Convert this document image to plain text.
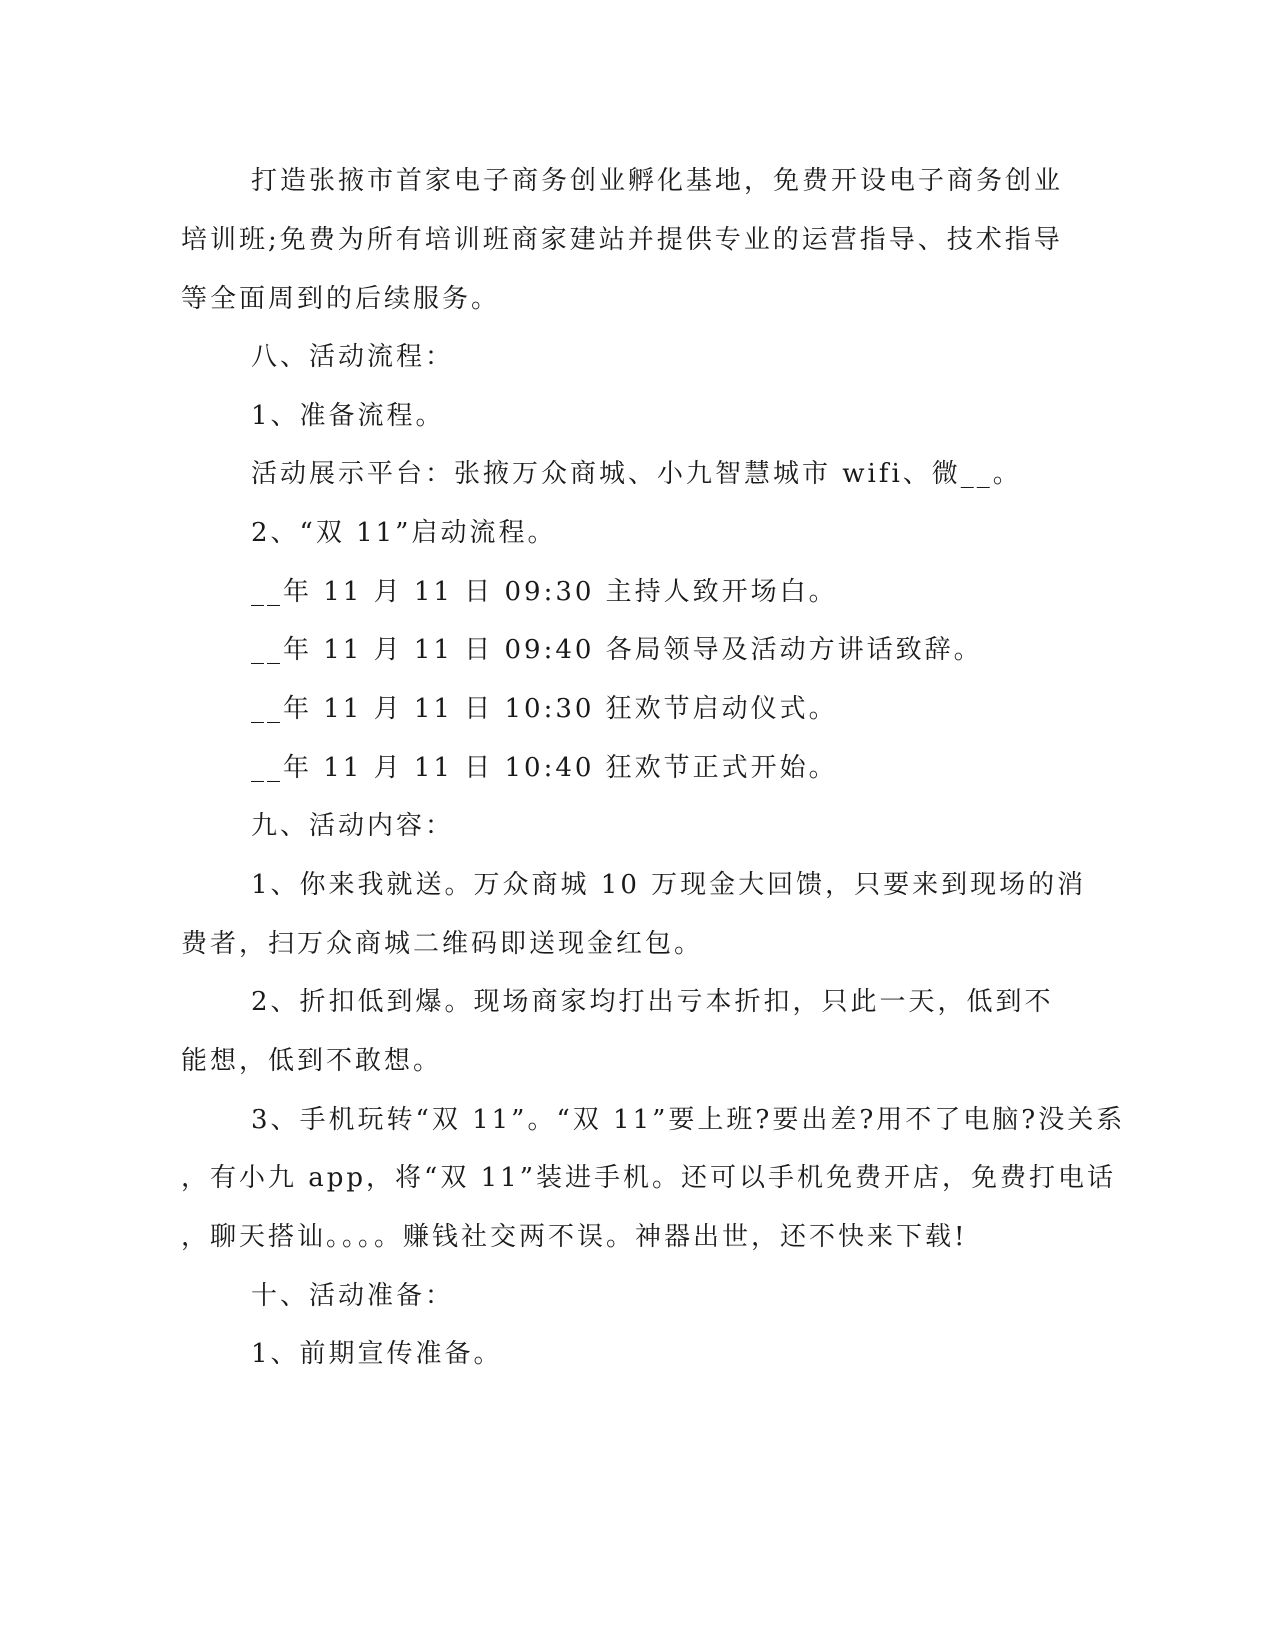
打造张掖市首家电子商务创业孵化基地，免费开设电子商务创业
培训班;免费为所有培训班商家建站并提供专业的运营指导、技术指导
等全面周到的后续服务。
八、活动流程：
1、准备流程。
活动展示平台：张掖万众商城、小九智慧城市 wifi、微__。
2、“双 11”启动流程。
__年 11 月 11 日 09:30 主持人致开场白。
__年 11 月 11 日 09:40 各局领导及活动方讲话致辞。
__年 11 月 11 日 10:30 狂欢节启动仪式。
__年 11 月 11 日 10:40 狂欢节正式开始。
九、活动内容：
1、你来我就送。万众商城 10 万现金大回馈，只要来到现场的消
费者，扫万众商城二维码即送现金红包。
2、折扣低到爆。现场商家均打出亏本折扣，只此一天，低到不
能想，低到不敢想。
3、手机玩转“双 11”。“双 11”要上班?要出差?用不了电脑?没关系
，有小九 app，将“双 11”装进手机。还可以手机免费开店，免费打电话
，聊天搭讪。。。。赚钱社交两不误。神器出世，还不快来下载!
十、活动准备：
1、前期宣传准备。
